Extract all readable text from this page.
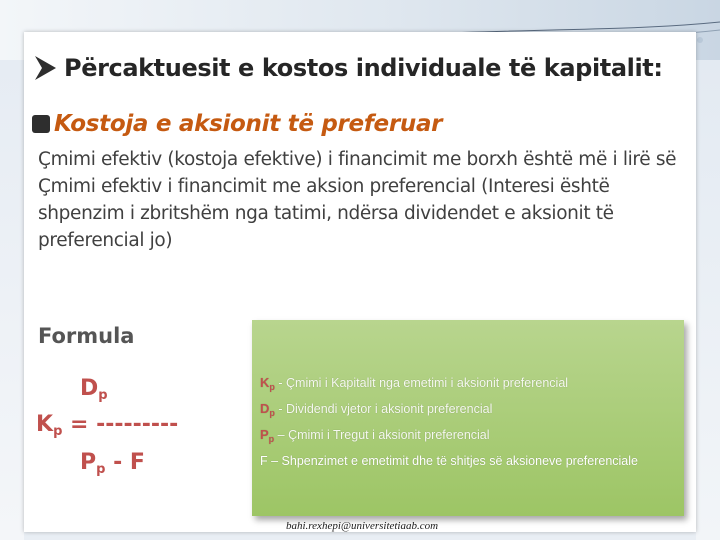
Përcaktuesit e kostos individuale të kapitalit:
Kostoja e aksionit të preferuar
Çmimi efektiv (kostoja efektive) i financimit me borxh është më i lirë së
Çmimi efektiv i financimit me aksion preferencial (Interesi është
shpenzim i zbritshëm nga tatimi, ndërsa dividendet e aksionit të
preferencial jo)
Formula
$D_p$
$K_p$ = ---------
$P_p$ - F
$K_p$ - Çmimi i Kapitalit nga emetimi i aksionit preferencial
$D_p$ - Dividendi vjetor i aksionit preferencial
$P_p$ – Çmimi i Tregut i aksionit preferencial
F – Shpenzimet e emetimit dhe të shitjes së aksioneve preferenciale
bahi.rexhepi@universitetiaab.com
